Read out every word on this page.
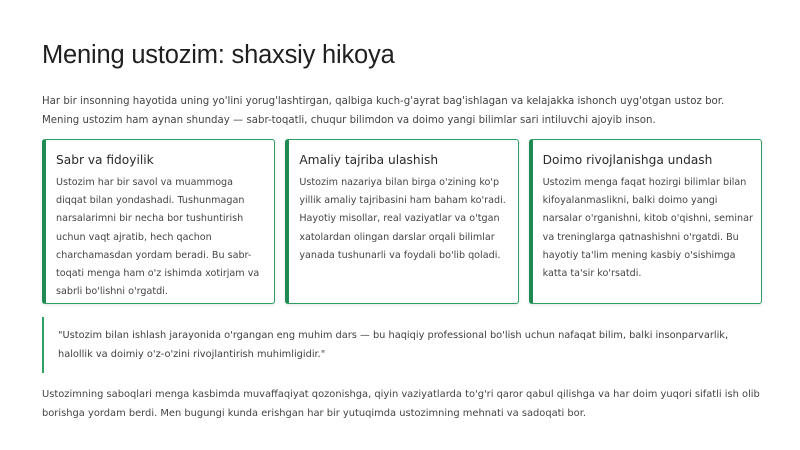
Mening ustozim: shaxsiy hikoya

Har bir insonning hayotida uning yo'lini yorug'lashtirgan, qalbiga kuch-g'ayrat bag'ishlagan va kelajakka ishonch uyg'otgan ustoz bor. Mening ustozim ham aynan shunday — sabr-toqatli, chuqur bilimdon va doimo yangi bilimlar sari intiluvchi ajoyib inson.

Sabr va fidoyilik
Ustozim har bir savol va muammoga diqqat bilan yondashadi. Tushunmagan narsalarimni bir necha bor tushuntirish uchun vaqt ajratib, hech qachon charchamasdan yordam beradi. Bu sabr-toqati menga ham o'z ishimda xotirjam va sabrli bo'lishni o'rgatdi.
Amaliy tajriba ulashish
Ustozim nazariya bilan birga o'zining ko'p yillik amaliy tajribasini ham baham ko'radi. Hayotiy misollar, real vaziyatlar va o'tgan xatolardan olingan darslar orqali bilimlar yanada tushunarli va foydali bo'lib qoladi.
Doimo rivojlanishga undash
Ustozim menga faqat hozirgi bilimlar bilan kifoyalanmaslikni, balki doimo yangi narsalar o'rganishni, kitob o'qishni, seminar va treninglarga qatnashishni o'rgatdi. Bu hayotiy ta'lim mening kasbiy o'sishimga katta ta'sir ko'rsatdi.
"Ustozim bilan ishlash jarayonida o'rgangan eng muhim dars — bu haqiqiy professional bo'lish uchun nafaqat bilim, balki insonparvarlik, halollik va doimiy o'z-o'zini rivojlantirish muhimligidir."

Ustozimning saboqlari menga kasbimda muvaffaqiyat qozonishga, qiyin vaziyatlarda to'g'ri qaror qabul qilishga va har doim yuqori sifatli ish olib borishga yordam berdi. Men bugungi kunda erishgan har bir yutuqimda ustozimning mehnati va sadoqati bor.
